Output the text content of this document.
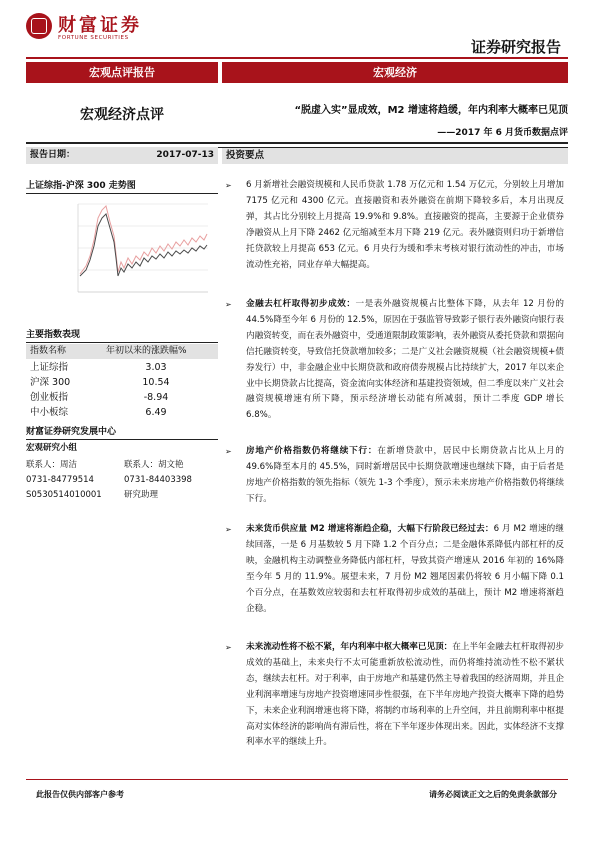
财富证券
FORTUNE SECURITIES	证券研究报告
宏观点评报告	宏观经济
宏观经济点评	“脱虚入实”显成效，M2 增速将趋缓，年内利率大概率已见顶
——2017 年 6 月货币数据点评
报告日期：	2017-07-13
上证综指-沪深 300 走势图
主要指数表现
指数名称	年初以来的涨跌幅%
上证综指	3.03
沪深 300	10.54
创业板指	-8.94
中小板综	6.49
财富证券研究发展中心
宏观研究小组
联系人：周洁	联系人：胡文艳
0731-84779514	0731-84403398
S0530514010001	研究助理
投资要点
➢ 6 月新增社会融资规模和人民币贷款 1.78 万亿元和 1.54 万亿元，分别较上月增加 7175 亿元和 4300 亿元。直接融资和表外融资在前期下降较多后，本月出现反弹，其占比分别较上月提高 19.9%和 9.8%。直接融资的提高，主要源于企业债券净融资从上月下降 2462 亿元缩减至本月下降 219 亿元。表外融资则归功于新增信托贷款较上月提高 653 亿元。6 月央行为缓和季末考核对银行流动性的冲击，市场流动性充裕，同业存单大幅提高。
➢ 金融去杠杆取得初步成效：一是表外融资规模占比整体下降，从去年 12 月份的 44.5%降至今年 6 月份的 12.5%，原因在于强监管导致影子银行表外融资向银行表内融资转变，而在表外融资中，受通道限制政策影响，表外融资从委托贷款和票据向信托融资转变，导致信托贷款增加较多；二是广义社会融资规模（社会融资规模+债券发行）中，非金融企业中长期贷款和政府债券规模占比持续扩大，2017 年以来企业中长期贷款占比提高，资金流向实体经济和基建投资领域，但二季度以来广义社会融资规模增速有所下降，预示经济增长动能有所减弱，预计二季度 GDP 增长 6.8%。
➢ 房地产价格指数仍将继续下行：在新增贷款中，居民中长期贷款占比从上月的 49.6%降至本月的 45.5%，同时新增居民中长期贷款增速也继续下降，由于后者是房地产价格指数的领先指标（领先 1-3 个季度），预示未来房地产价格指数仍将继续下行。
➢ 未来货币供应量 M2 增速将渐趋企稳，大幅下行阶段已经过去：6 月 M2 增速的继续回落，一是 6 月基数较 5 月下降 1.2 个百分点；二是金融体系降低内部杠杆的反映，金融机构主动调整业务降低内部杠杆，导致其资产增速从 2016 年初的 16%降至今年 5 月的 11.9%。展望未来，7 月份 M2 翘尾因素仍将较 6 月小幅下降 0.1 个百分点，在基数效应较弱和去杠杆取得初步成效的基础上，预计 M2 增速将渐趋企稳。
➢ 未来流动性将不松不紧，年内利率中枢大概率已见顶：在上半年金融去杠杆取得初步成效的基础上，未来央行不太可能重新放松流动性，而仍将维持流动性不松不紧状态，继续去杠杆。对于利率，由于房地产和基建仍然主导着我国的经济周期，并且企业利润率增速与房地产投资增速同步性很强，在下半年房地产投资大概率下降的趋势下，未来企业利润增速也将下降，将制约市场利率的上升空间，并且前期利率中枢提高对实体经济的影响尚有滞后性，将在下半年逐步体现出来。因此，实体经济不支撑利率水平的继续上升。
此报告仅供内部客户参考	请务必阅读正文之后的免责条款部分
